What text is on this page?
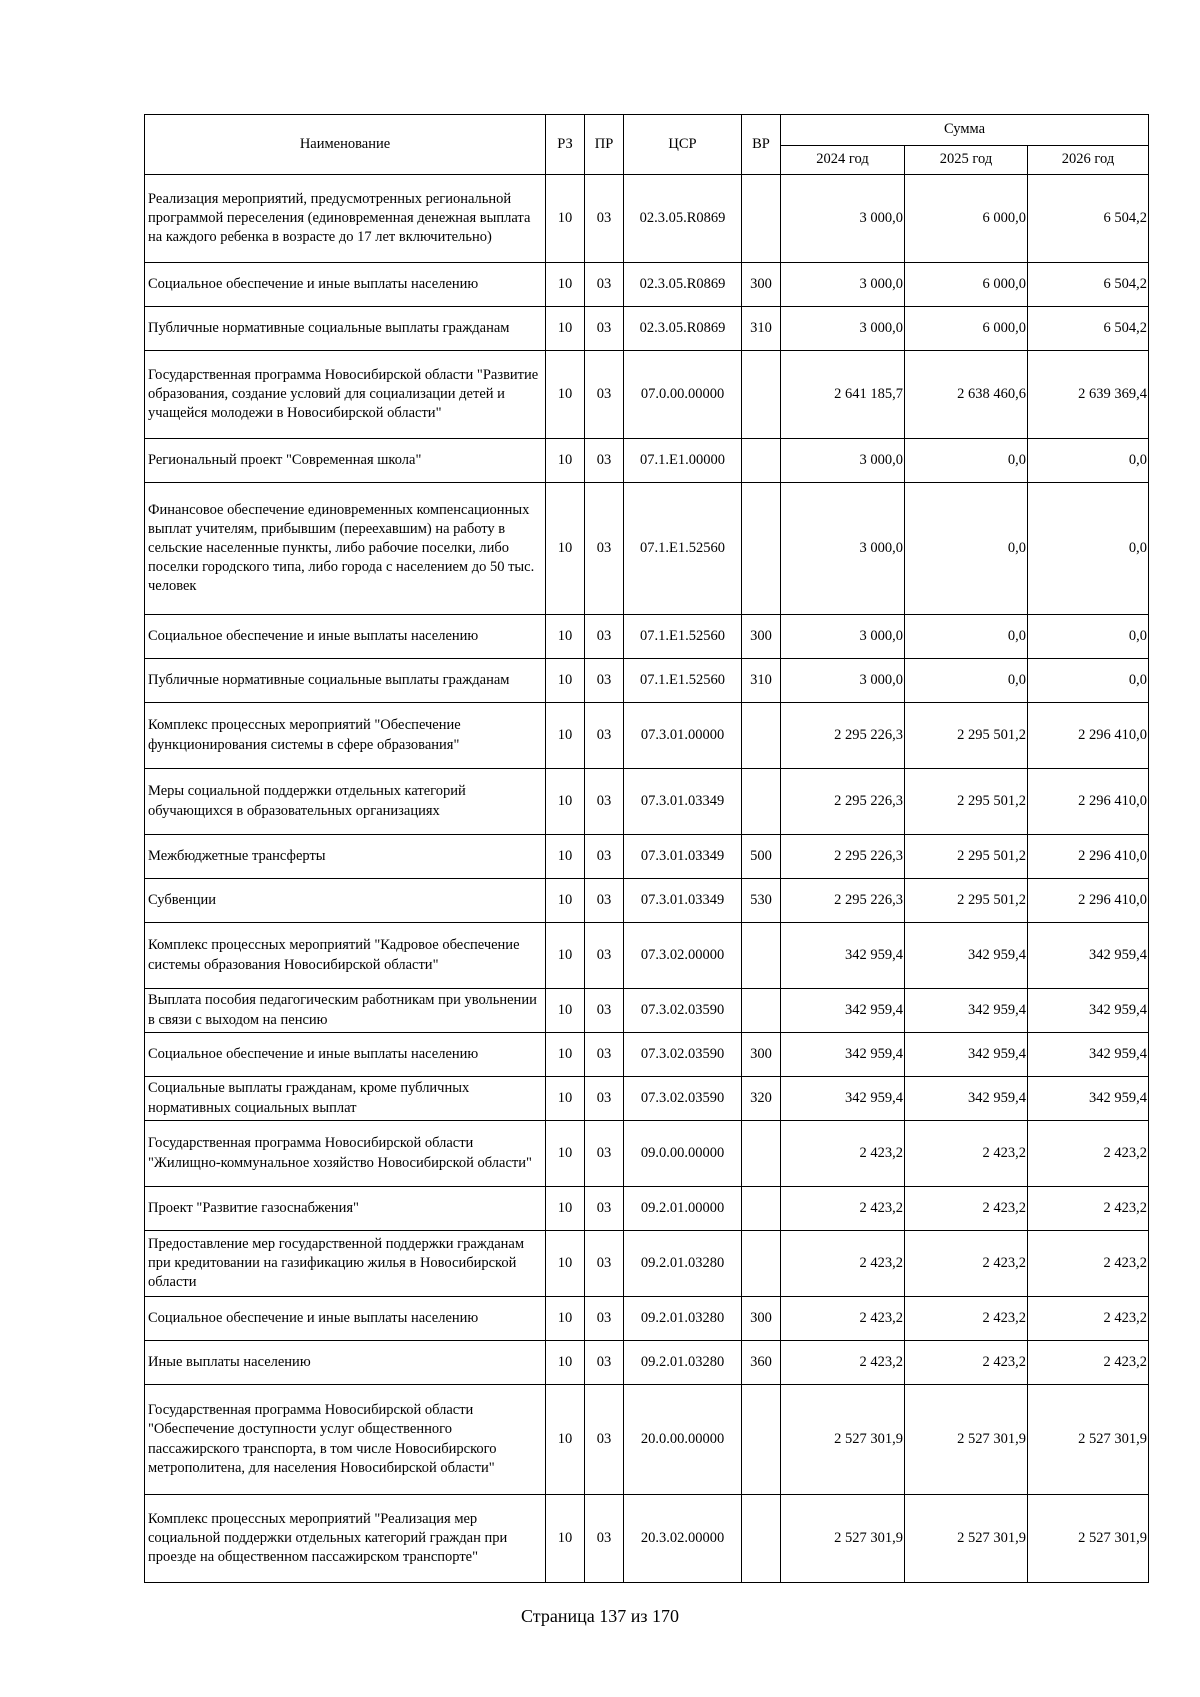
Наименование	РЗ	ПР	ЦСР	ВР	Сумма		
					2024 год	2025 год	2026 год
Реализация мероприятий, предусмотренных региональной программой переселения (единовременная денежная выплата на каждого ребенка в возрасте до 17 лет включительно)	10	03	02.3.05.R0869		3 000,0	6 000,0	6 504,2
Социальное обеспечение и иные выплаты населению	10	03	02.3.05.R0869	300	3 000,0	6 000,0	6 504,2
Публичные нормативные социальные выплаты гражданам	10	03	02.3.05.R0869	310	3 000,0	6 000,0	6 504,2
Государственная программа Новосибирской области "Развитие образования, создание условий для социализации детей и учащейся молодежи в Новосибирской области"	10	03	07.0.00.00000		2 641 185,7	2 638 460,6	2 639 369,4
Региональный проект "Современная школа"	10	03	07.1.E1.00000		3 000,0	0,0	0,0
Финансовое обеспечение единовременных компенсационных выплат учителям, прибывшим (переехавшим) на работу в сельские населенные пункты, либо рабочие поселки, либо поселки городского типа, либо города с населением до 50 тыс. человек	10	03	07.1.E1.52560		3 000,0	0,0	0,0
Социальное обеспечение и иные выплаты населению	10	03	07.1.E1.52560	300	3 000,0	0,0	0,0
Публичные нормативные социальные выплаты гражданам	10	03	07.1.E1.52560	310	3 000,0	0,0	0,0
Комплекс процессных мероприятий "Обеспечение функционирования системы в сфере образования"	10	03	07.3.01.00000		2 295 226,3	2 295 501,2	2 296 410,0
Меры социальной поддержки отдельных категорий обучающихся в образовательных организациях	10	03	07.3.01.03349		2 295 226,3	2 295 501,2	2 296 410,0
Межбюджетные трансферты	10	03	07.3.01.03349	500	2 295 226,3	2 295 501,2	2 296 410,0
Субвенции	10	03	07.3.01.03349	530	2 295 226,3	2 295 501,2	2 296 410,0
Комплекс процессных мероприятий "Кадровое обеспечение системы образования Новосибирской области"	10	03	07.3.02.00000		342 959,4	342 959,4	342 959,4
Выплата пособия педагогическим работникам при увольнении в связи с выходом на пенсию	10	03	07.3.02.03590		342 959,4	342 959,4	342 959,4
Социальное обеспечение и иные выплаты населению	10	03	07.3.02.03590	300	342 959,4	342 959,4	342 959,4
Социальные выплаты гражданам, кроме публичных нормативных социальных выплат	10	03	07.3.02.03590	320	342 959,4	342 959,4	342 959,4
Государственная программа Новосибирской области "Жилищно-коммунальное хозяйство Новосибирской области"	10	03	09.0.00.00000		2 423,2	2 423,2	2 423,2
Проект "Развитие газоснабжения"	10	03	09.2.01.00000		2 423,2	2 423,2	2 423,2
Предоставление мер государственной поддержки гражданам при кредитовании на газификацию жилья в Новосибирской области	10	03	09.2.01.03280		2 423,2	2 423,2	2 423,2
Социальное обеспечение и иные выплаты населению	10	03	09.2.01.03280	300	2 423,2	2 423,2	2 423,2
Иные выплаты населению	10	03	09.2.01.03280	360	2 423,2	2 423,2	2 423,2
Государственная программа Новосибирской области "Обеспечение доступности услуг общественного пассажирского транспорта, в том числе Новосибирского метрополитена, для населения Новосибирской области"	10	03	20.0.00.00000		2 527 301,9	2 527 301,9	2 527 301,9
Комплекс процессных мероприятий "Реализация мер социальной поддержки отдельных категорий граждан при проезде на общественном пассажирском транспорте"	10	03	20.3.02.00000		2 527 301,9	2 527 301,9	2 527 301,9
Страница 137 из 170
